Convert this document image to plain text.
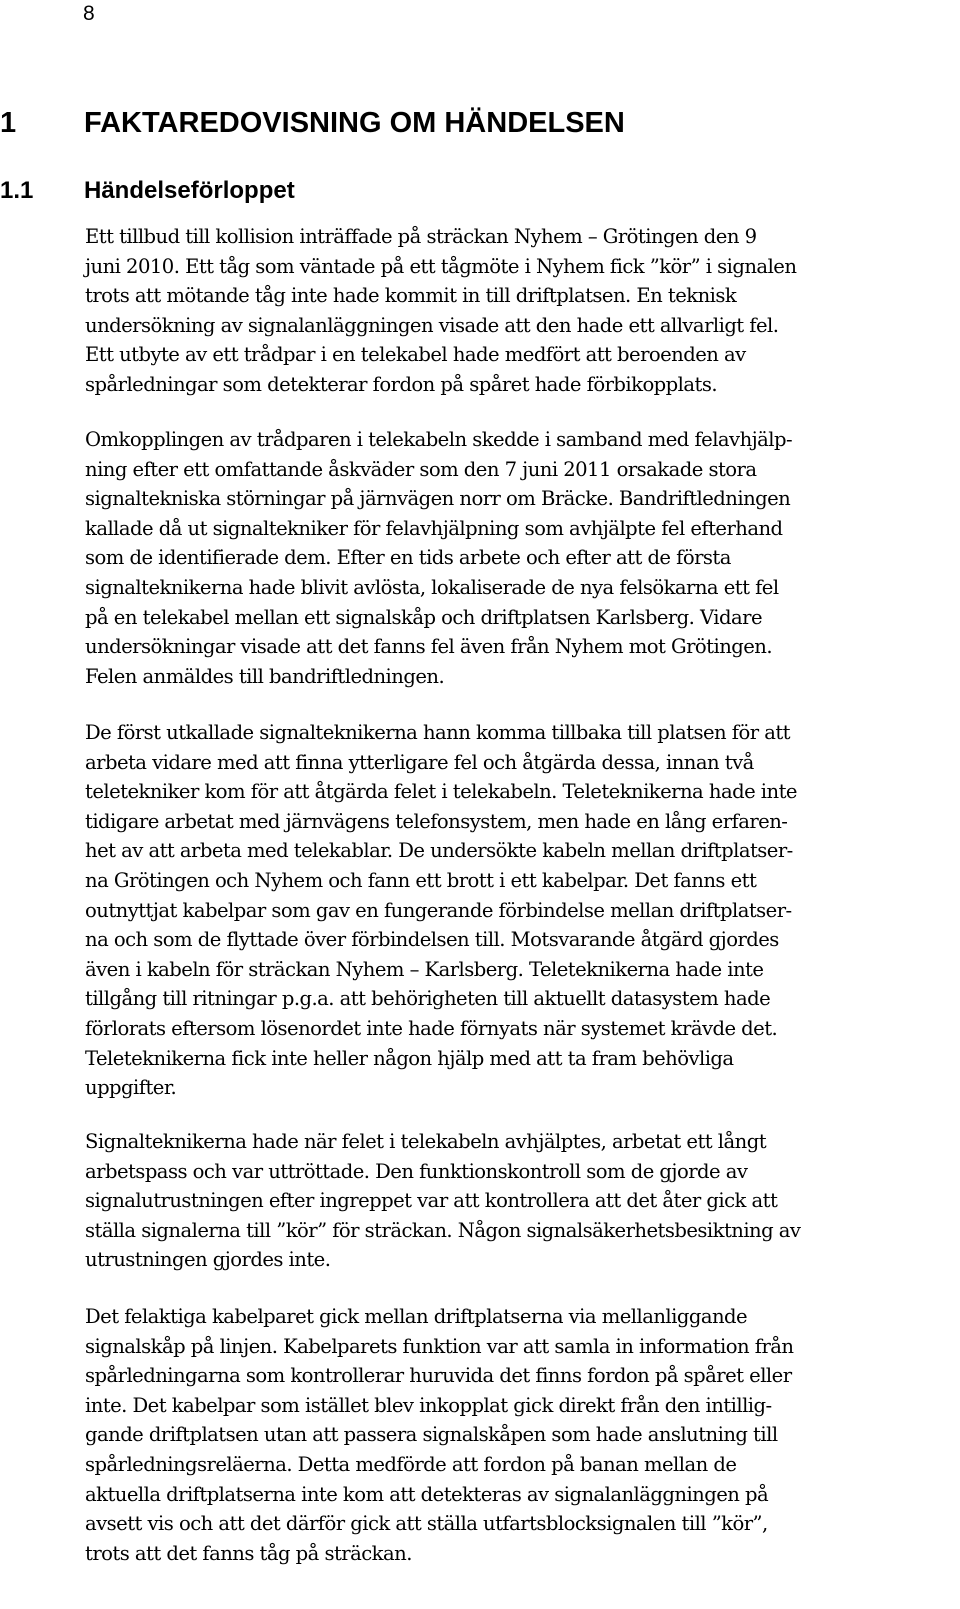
8
1 FAKTAREDOVISNING OM HÄNDELSEN
1.1 Händelseförloppet
Ett tillbud till kollision inträffade på sträckan Nyhem – Grötingen den 9
juni 2010. Ett tåg som väntade på ett tågmöte i Nyhem fick ”kör” i signalen
trots att mötande tåg inte hade kommit in till driftplatsen. En teknisk
undersökning av signalanläggningen visade att den hade ett allvarligt fel.
Ett utbyte av ett trådpar i en telekabel hade medfört att beroenden av
spårledningar som detekterar fordon på spåret hade förbikopplats.
Omkopplingen av trådparen i telekabeln skedde i samband med felavhjälp-
ning efter ett omfattande åskväder som den 7 juni 2011 orsakade stora
signaltekniska störningar på järnvägen norr om Bräcke. Bandriftledningen
kallade då ut signaltekniker för felavhjälpning som avhjälpte fel efterhand
som de identifierade dem. Efter en tids arbete och efter att de första
signalteknikerna hade blivit avlösta, lokaliserade de nya felsökarna ett fel
på en telekabel mellan ett signalskåp och driftplatsen Karlsberg. Vidare
undersökningar visade att det fanns fel även från Nyhem mot Grötingen.
Felen anmäldes till bandriftledningen.
De först utkallade signalteknikerna hann komma tillbaka till platsen för att
arbeta vidare med att finna ytterligare fel och åtgärda dessa, innan två
teletekniker kom för att åtgärda felet i telekabeln. Teleteknikerna hade inte
tidigare arbetat med järnvägens telefonsystem, men hade en lång erfaren-
het av att arbeta med telekablar. De undersökte kabeln mellan driftplatser-
na Grötingen och Nyhem och fann ett brott i ett kabelpar. Det fanns ett
outnyttjat kabelpar som gav en fungerande förbindelse mellan driftplatser-
na och som de flyttade över förbindelsen till. Motsvarande åtgärd gjordes
även i kabeln för sträckan Nyhem – Karlsberg. Teleteknikerna hade inte
tillgång till ritningar p.g.a. att behörigheten till aktuellt datasystem hade
förlorats eftersom lösenordet inte hade förnyats när systemet krävde det.
Teleteknikerna fick inte heller någon hjälp med att ta fram behövliga
uppgifter.
Signalteknikerna hade när felet i telekabeln avhjälptes, arbetat ett långt
arbetspass och var uttröttade. Den funktionskontroll som de gjorde av
signalutrustningen efter ingreppet var att kontrollera att det åter gick att
ställa signalerna till ”kör” för sträckan. Någon signalsäkerhetsbesiktning av
utrustningen gjordes inte.
Det felaktiga kabelparet gick mellan driftplatserna via mellanliggande
signalskåp på linjen. Kabelparets funktion var att samla in information från
spårledningarna som kontrollerar huruvida det finns fordon på spåret eller
inte. Det kabelpar som istället blev inkopplat gick direkt från den intillig-
gande driftplatsen utan att passera signalskåpen som hade anslutning till
spårledningsreläerna. Detta medförde att fordon på banan mellan de
aktuella driftplatserna inte kom att detekteras av signalanläggningen på
avsett vis och att det därför gick att ställa utfartsblocksignalen till ”kör”,
trots att det fanns tåg på sträckan.
